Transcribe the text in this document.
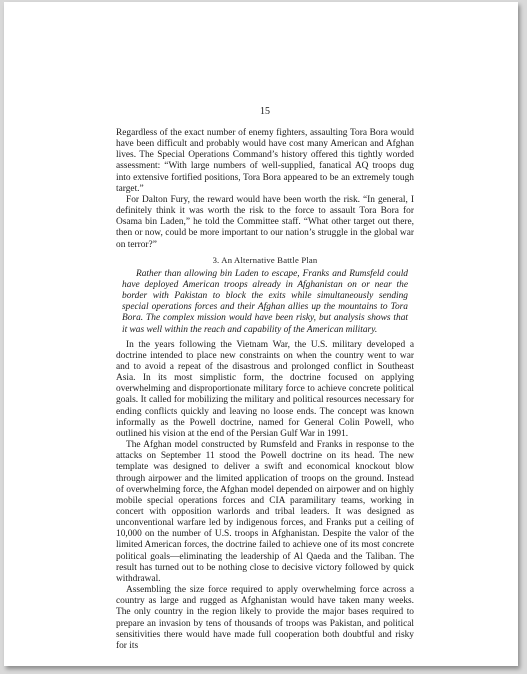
15

Regardless of the exact number of enemy fighters, assaulting Tora Bora would have been difficult and probably would have cost many American and Afghan lives. The Special Operations Command’s history offered this tightly worded assessment: “With large numbers of well-supplied, fanatical AQ troops dug into extensive fortified positions, Tora Bora appeared to be an extremely tough target.”

For Dalton Fury, the reward would have been worth the risk. “In general, I definitely think it was worth the risk to the force to assault Tora Bora for Osama bin Laden,” he told the Committee staff. “What other target out there, then or now, could be more important to our nation’s struggle in the global war on terror?”

3. An Alternative Battle Plan

Rather than allowing bin Laden to escape, Franks and Rumsfeld could have deployed American troops already in Afghanistan on or near the border with Pakistan to block the exits while simultaneously sending special operations forces and their Afghan allies up the mountains to Tora Bora. The complex mission would have been risky, but analysis shows that it was well within the reach and capability of the American military.

In the years following the Vietnam War, the U.S. military developed a doctrine intended to place new constraints on when the country went to war and to avoid a repeat of the disastrous and prolonged conflict in Southeast Asia. In its most simplistic form, the doctrine focused on applying overwhelming and disproportionate military force to achieve concrete political goals. It called for mobilizing the military and political resources necessary for ending conflicts quickly and leaving no loose ends. The concept was known informally as the Powell doctrine, named for General Colin Powell, who outlined his vision at the end of the Persian Gulf War in 1991.

The Afghan model constructed by Rumsfeld and Franks in response to the attacks on September 11 stood the Powell doctrine on its head. The new template was designed to deliver a swift and economical knockout blow through airpower and the limited application of troops on the ground. Instead of overwhelming force, the Afghan model depended on airpower and on highly mobile special operations forces and CIA paramilitary teams, working in concert with opposition warlords and tribal leaders. It was designed as unconventional warfare led by indigenous forces, and Franks put a ceiling of 10,000 on the number of U.S. troops in Afghanistan. Despite the valor of the limited American forces, the doctrine failed to achieve one of its most concrete political goals—eliminating the leadership of Al Qaeda and the Taliban. The result has turned out to be nothing close to decisive victory followed by quick withdrawal.

Assembling the size force required to apply overwhelming force across a country as large and rugged as Afghanistan would have taken many weeks. The only country in the region likely to provide the major bases required to prepare an invasion by tens of thousands of troops was Pakistan, and political sensitivities there would have made full cooperation both doubtful and risky for its
